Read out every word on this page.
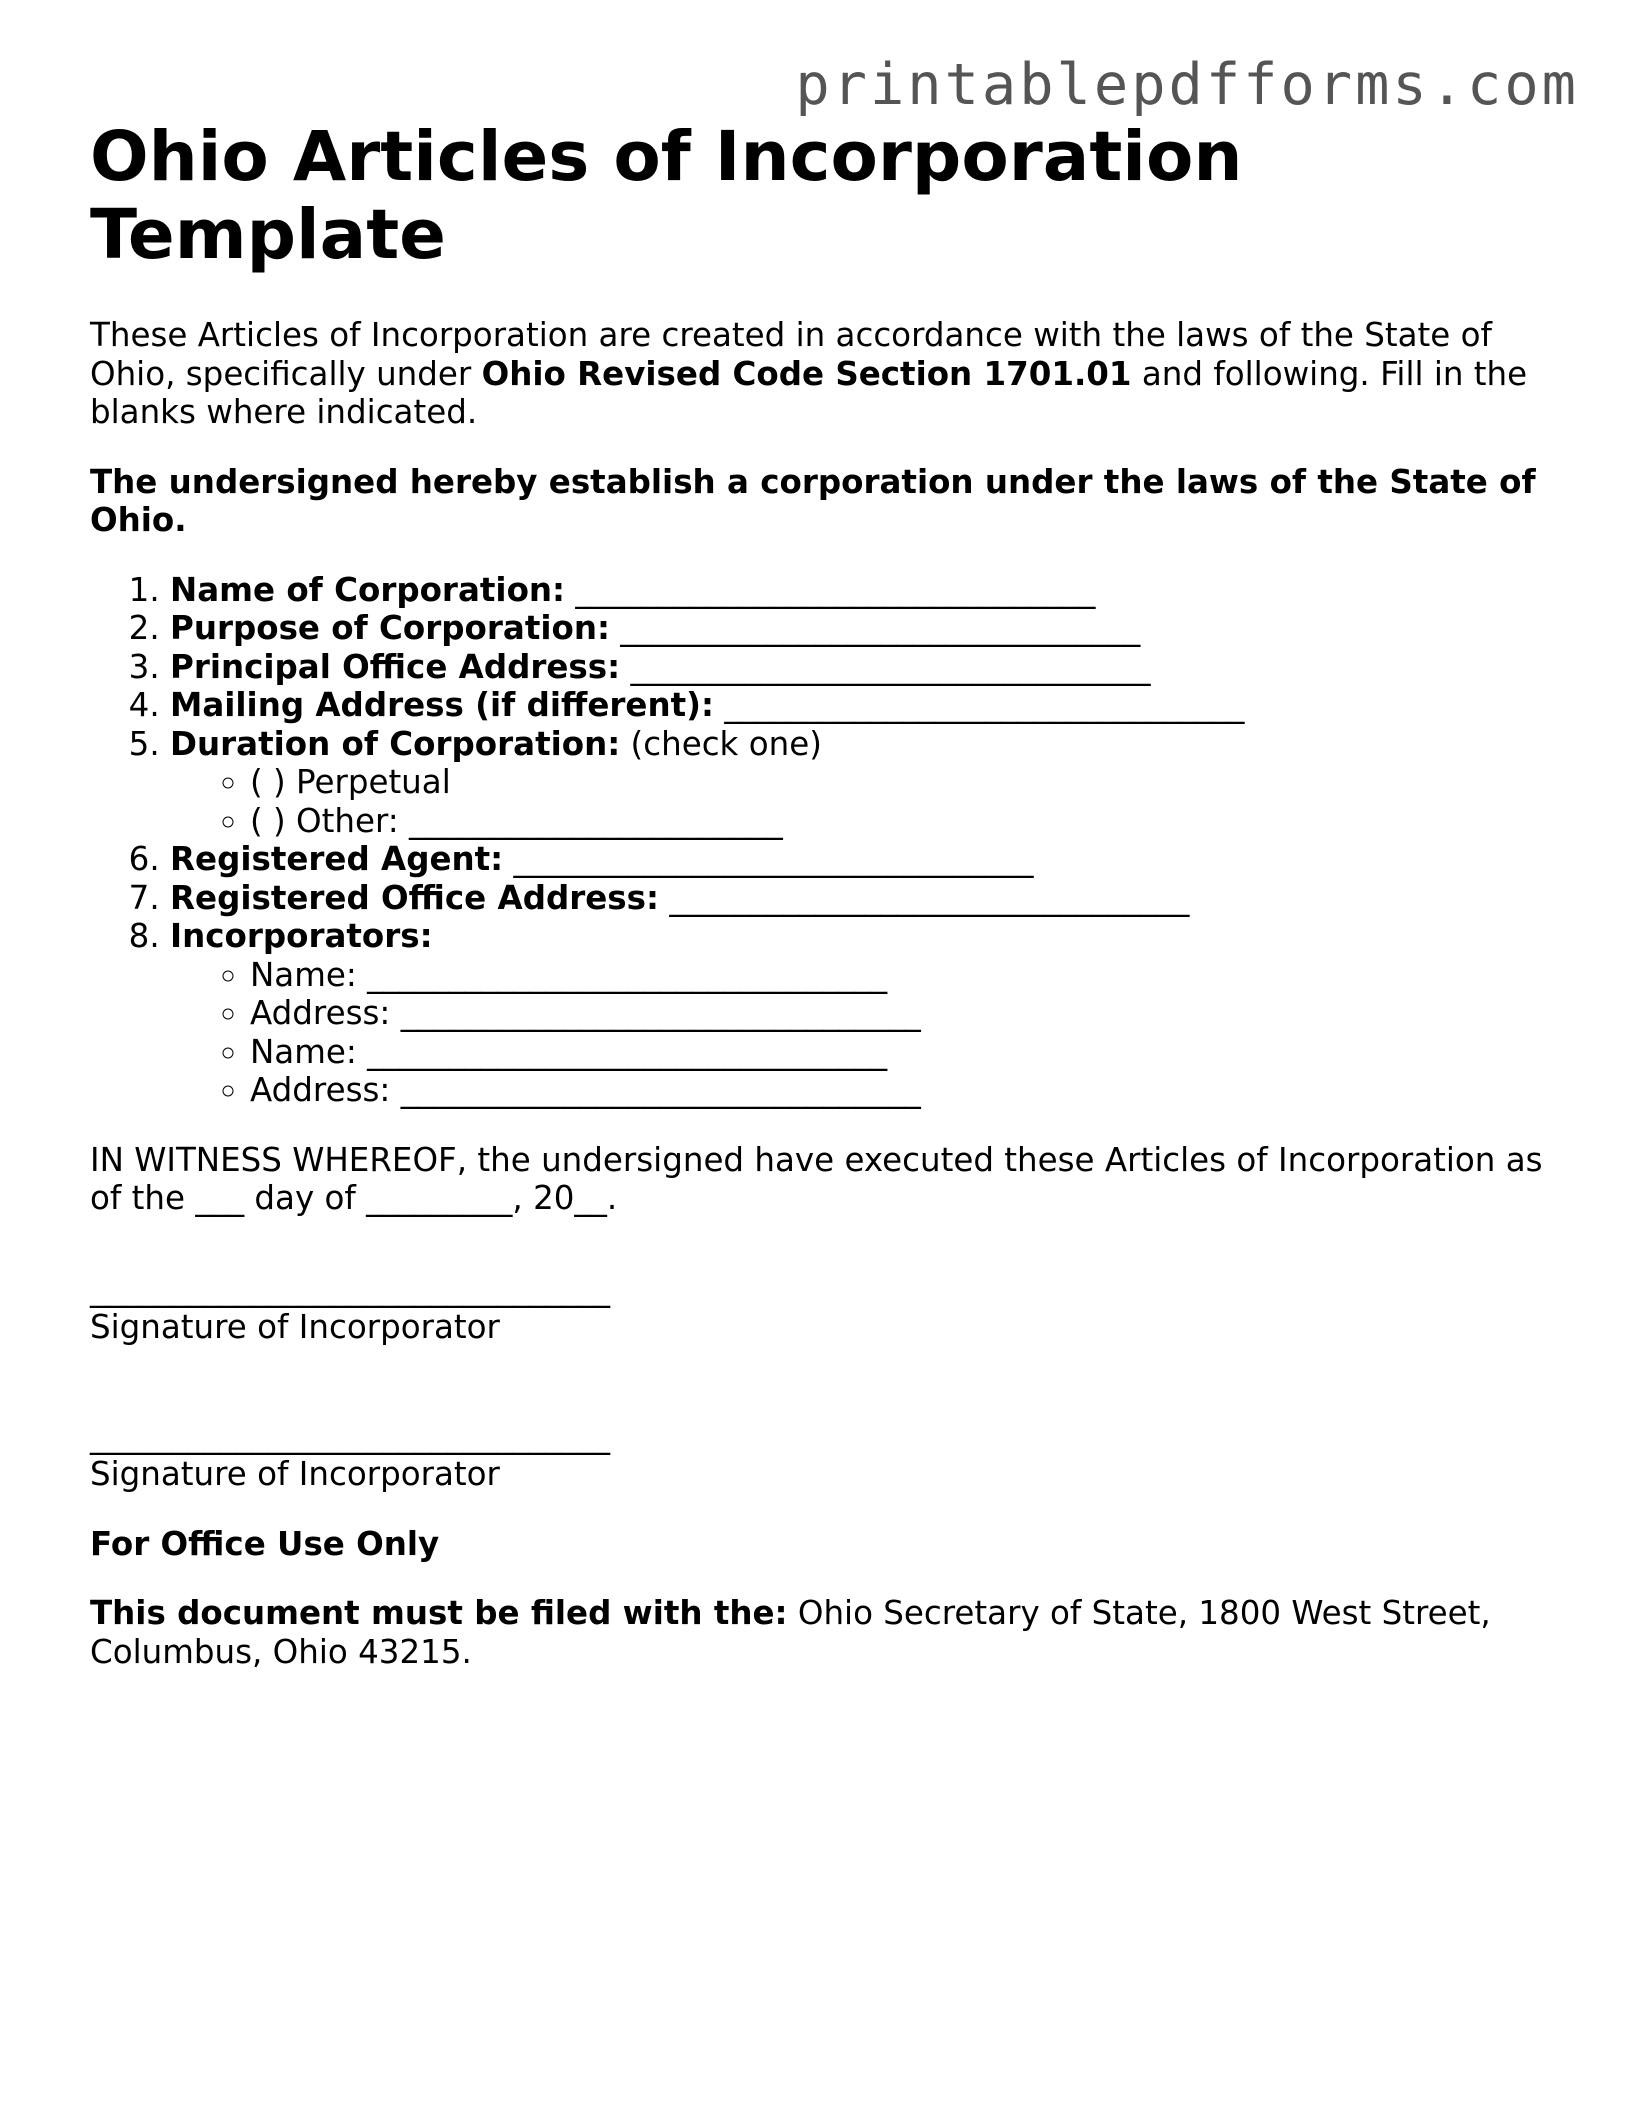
printablepdfforms.com
Ohio Articles of Incorporation Template

These Articles of Incorporation are created in accordance with the laws of the State of Ohio, specifically under Ohio Revised Code Section 1701.01 and following. Fill in the blanks where indicated.

The undersigned hereby establish a corporation under the laws of the State of Ohio.

1. Name of Corporation: ________________________________
2. Purpose of Corporation: ________________________________
3. Principal Office Address: ________________________________
4. Mailing Address (if different): ________________________________
5. Duration of Corporation: (check one)
◦ ( ) Perpetual
◦ ( ) Other: _______________________
6. Registered Agent: ________________________________
7. Registered Office Address: ________________________________
8. Incorporators:
◦ Name: ________________________________
◦ Address: ________________________________
◦ Name: ________________________________
◦ Address: ________________________________

IN WITNESS WHEREOF, the undersigned have executed these Articles of Incorporation as of the ___ day of _________, 20__.

________________________________
Signature of Incorporator
________________________________
Signature of Incorporator

For Office Use Only

This document must be filed with the: Ohio Secretary of State, 1800 West Street, Columbus, Ohio 43215.
